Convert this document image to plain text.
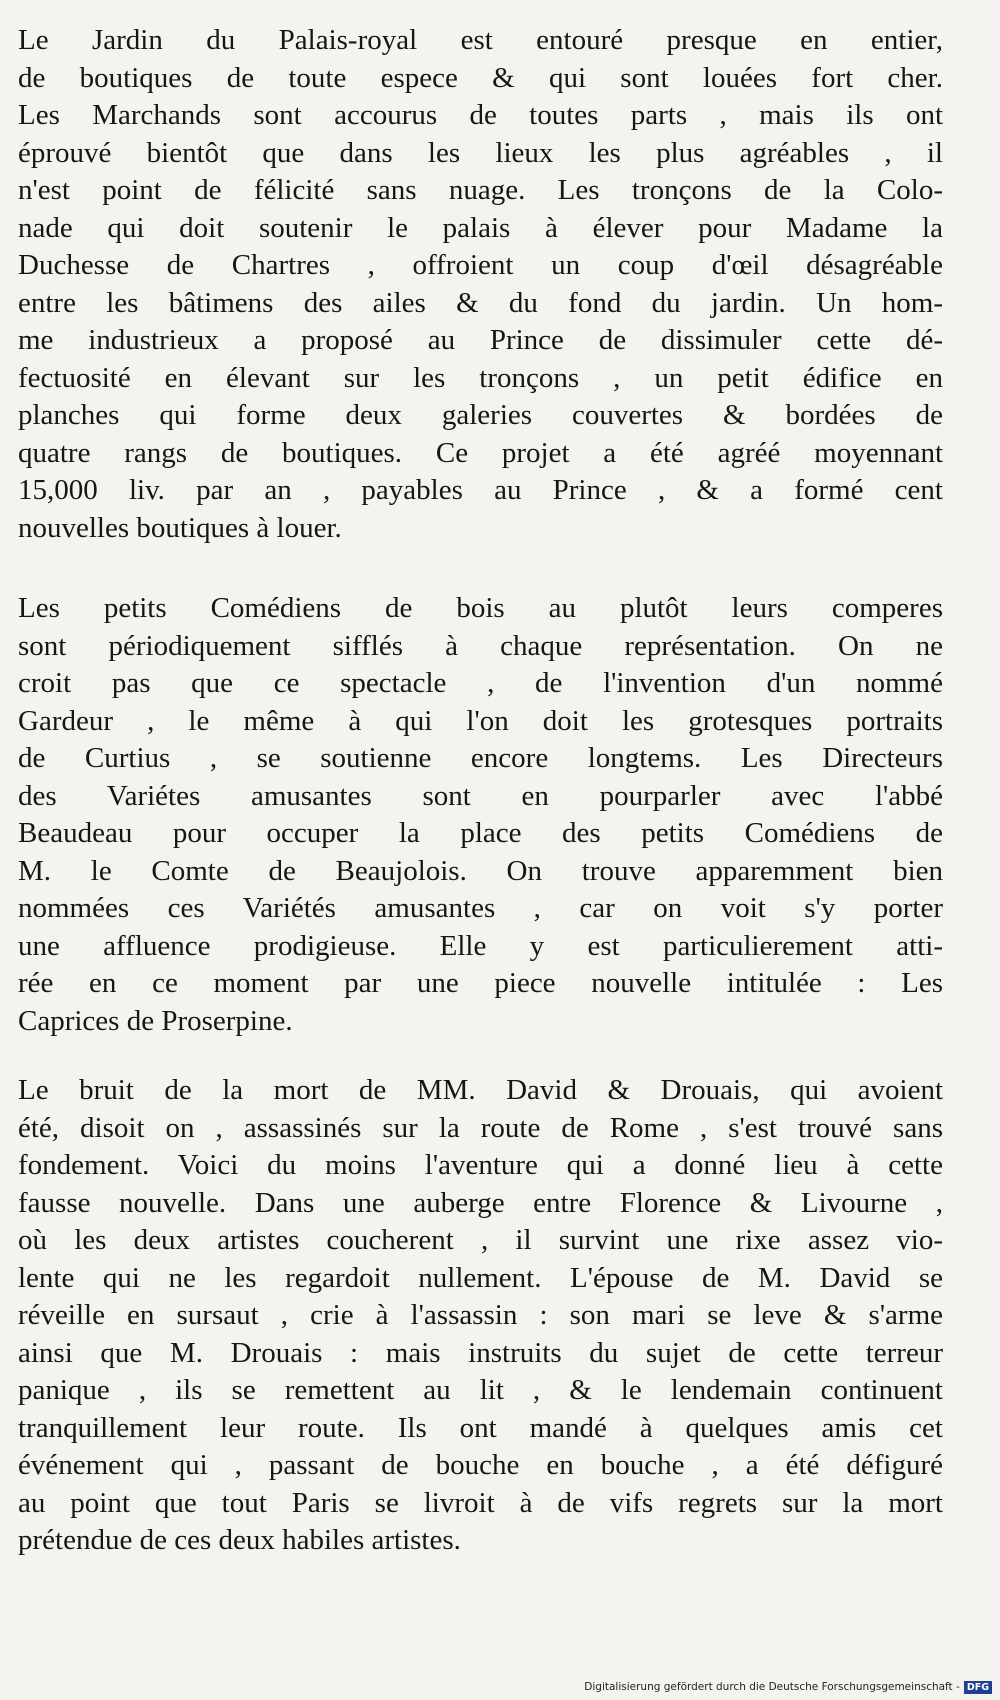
Le Jardin du Palais-royal est entouré presque en entier,
de boutiques de toute espece & qui sont louées fort cher.
Les Marchands sont accourus de toutes parts , mais ils ont
éprouvé bientôt que dans les lieux les plus agréables , il
n'est point de félicité sans nuage. Les tronçons de la Colo-
nade qui doit soutenir le palais à élever pour Madame la
Duchesse de Chartres , offroient un coup d'œil désagréable
entre les bâtimens des ailes & du fond du jardin. Un hom-
me industrieux a proposé au Prince de dissimuler cette dé-
fectuosité en élevant sur les tronçons , un petit édifice en
planches qui forme deux galeries couvertes & bordées de
quatre rangs de boutiques. Ce projet a été agréé moyennant
15,000 liv. par an , payables au Prince , & a formé cent
nouvelles boutiques à louer.
Les petits Comédiens de bois au plutôt leurs comperes
sont périodiquement sifflés à chaque représentation. On ne
croit pas que ce spectacle , de l'invention d'un nommé
Gardeur , le même à qui l'on doit les grotesques portraits
de Curtius , se soutienne encore longtems. Les Directeurs
des Variétes amusantes sont en pourparler avec l'abbé
Beaudeau pour occuper la place des petits Comédiens de
M. le Comte de Beaujolois. On trouve apparemment bien
nommées ces Variétés amusantes , car on voit s'y porter
une affluence prodigieuse. Elle y est particulierement atti-
rée en ce moment par une piece nouvelle intitulée : Les
Caprices de Proserpine.
Le bruit de la mort de MM. David & Drouais, qui avoient
été, disoit on , assassinés sur la route de Rome , s'est trouvé sans
fondement. Voici du moins l'aventure qui a donné lieu à cette
fausse nouvelle. Dans une auberge entre Florence & Livourne ,
où les deux artistes coucherent , il survint une rixe assez vio-
lente qui ne les regardoit nullement. L'épouse de M. David se
réveille en sursaut , crie à l'assassin : son mari se leve & s'arme
ainsi que M. Drouais : mais instruits du sujet de cette terreur
panique , ils se remettent au lit , & le lendemain continuent
tranquillement leur route. Ils ont mandé à quelques amis cet
événement qui , passant de bouche en bouche , a été défiguré
au point que tout Paris se livroit à de vifs regrets sur la mort
prétendue de ces deux habiles artistes.
Digitalisierung gefördert durch die Deutsche Forschungsgemeinschaft - DFG
